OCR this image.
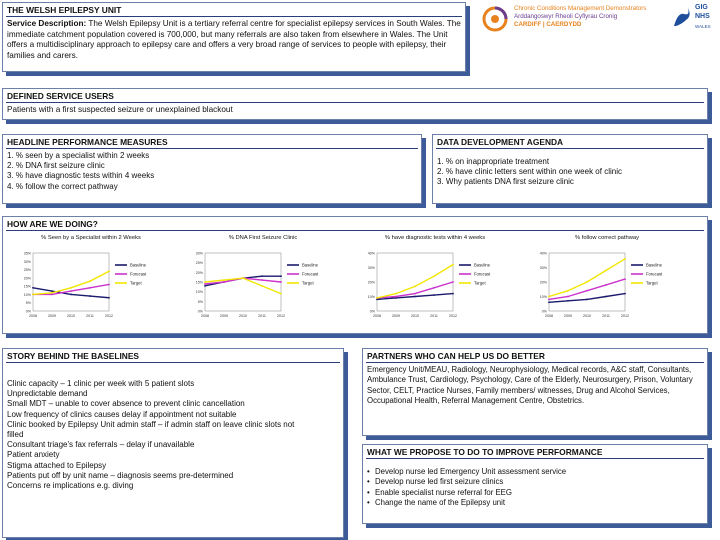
THE WELSH EPILEPSY UNIT
Service Description: The Welsh Epilepsy Unit is a tertiary referral centre for specialist epilepsy services in South Wales. The immediate catchment population covered is 700,000, but many referrals are also taken from elsewhere in Wales. The Unit offers a multidisciplinary approach to epilepsy care and offers a very broad range of services to people with epilepsy, their families and carers.
Chronic Conditions Management Demonstrators
Arddangoswyr Rheoli Cyflyrau Cronig
CARDIFF | CAERDYDD
GIG
NHS
WALES
DEFINED SERVICE USERS
Patients with a first suspected seizure or unexplained blackout
HEADLINE PERFORMANCE MEASURES
1. % seen by a specialist within 2 weeks
2. % DNA first seizure clinic
3. % have diagnostic tests within 4 weeks
4. % follow the correct pathway
DATA DEVELOPMENT AGENDA
1. % on inappropriate treatment
2. % have clinic letters sent within one week of clinic
3. Why patients DNA first seizure clinic
HOW ARE WE DOING?
% Seen by a Specialist within 2 Weeks
35%
30%
25%
20%
15%
10%
5%
0%
2008	2009	2010	2011	2012
Baseline
Forecast
Target
% DNA First Seizure Clinic
30%
25%
20%
15%
10%
5%
0%
2008	2009	2010	2011	2012
Baseline
Forecast
Target
% have diagnostic tests within 4 weeks
40%
30%
20%
10%
0%
2008	2009	2010	2011	2012
Baseline
Forecast
Target
% follow correct pathway
40%
30%
20%
10%
0%
2008	2009	2010	2011	2012
Baseline
Forecast
Target
STORY BEHIND THE BASELINES
Clinic capacity – 1 clinic per week with 5 patient slots
Unpredictable demand
Small MDT – unable to cover absence to prevent clinic cancellation
Low frequency of clinics causes delay if appointment not suitable
Clinic booked by Epilepsy Unit admin staff – if admin staff on leave clinic slots not
filled
Consultant triage's fax referrals – delay if unavailable
Patient anxiety
Stigma attached to Epilepsy
Patients put off by unit name – diagnosis seems pre-determined
Concerns re implications e.g. diving
PARTNERS WHO CAN HELP US DO BETTER
Emergency Unit/MEAU, Radiology, Neurophysiology, Medical records, A&C staff, Consultants, Ambulance Trust, Cardiology, Psychology, Care of the Elderly, Neurosurgery, Prison, Voluntary Sector, CELT, Practice Nurses, Family members/ witnesses, Drug and Alcohol Services, Occupational Health, Referral Management Centre, Obstetrics.
WHAT WE PROPOSE TO DO TO IMPROVE PERFORMANCE
• Develop nurse led Emergency Unit assessment service
• Develop nurse led first seizure clinics
• Enable specialist nurse referral for EEG
• Change the name of the Epilepsy unit
